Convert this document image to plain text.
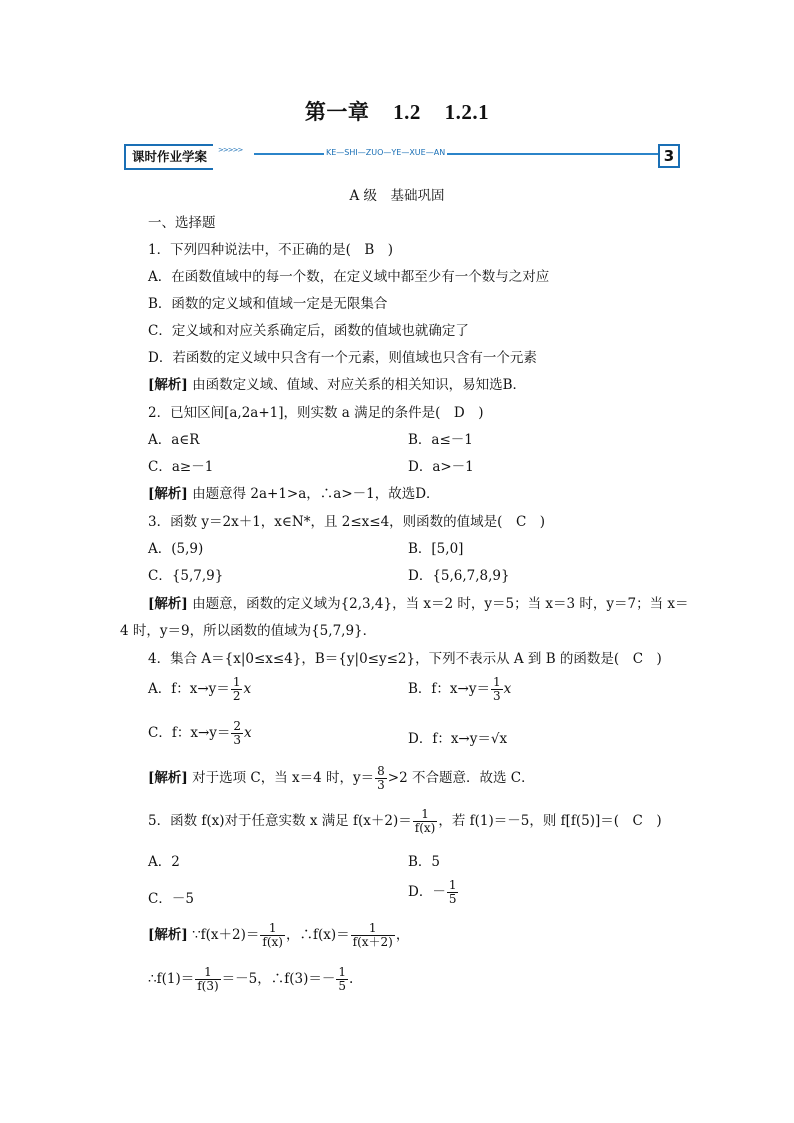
第一章 1.2 1.2.1
课时作业学案	>>>>>	KE—SHI—ZUO—YE—XUE—AN	3
A 级　基础巩固
一、选择题
1．下列四种说法中，不正确的是(　B　)
A．在函数值域中的每一个数，在定义域中都至少有一个数与之对应
B．函数的定义域和值域一定是无限集合
C．定义域和对应关系确定后，函数的值域也就确定了
D．若函数的定义域中只含有一个元素，则值域也只含有一个元素
[解析] 由函数定义域、值域、对应关系的相关知识，易知选B．
2．已知区间[a,2a+1]，则实数 a 满足的条件是(　D　)
A．a∈R	B．a≤－1
C．a≥－1	D．a>－1
[解析] 由题意得 2a+1>a，∴a>－1，故选D．
3．函数 y＝2x＋1，x∈N*，且 2≤x≤4，则函数的值域是(　C　)
A．(5,9)	B．[5,0]
C．{5,7,9}	D．{5,6,7,8,9}
[解析] 由题意，函数的定义域为{2,3,4}，当 x＝2 时，y＝5；当 x＝3 时，y＝7；当 x＝
4 时，y＝9，所以函数的值域为{5,7,9}．
4．集合 A＝{x|0≤x≤4}，B＝{y|0≤y≤2}，下列不表示从 A 到 B 的函数是(　C　)
A．f：$x\to y= \frac{1}{2}$ x	B．f：$x\to y= \frac{1}{3}$ x
C．f：$x\to y= \frac{2}{3}$ x	D．f：x→y＝√x
[解析] 对于选项 C，当 x＝4 时，$y= \frac{8}{3} >2$ 不合题意．故选 C．
5．函数 f(x)对于任意实数 x 满足 $f(x+2)= \frac{1}{f(x)}$ ，若 f(1)＝－5，则 f[f(5)]＝(　C　)
A．2	B．5
C．－5	D．－ $\frac{1}{5}$
[解析] ∵f(x＋2)＝ $\frac{1}{f(x)}$ ，∴f(x)＝ $\frac{1}{f(x+2)}$ ，
∴f(1)＝ $\frac{1}{f(3)} =-5$，∴f(3)＝－ $\frac{1}{5}$ .
